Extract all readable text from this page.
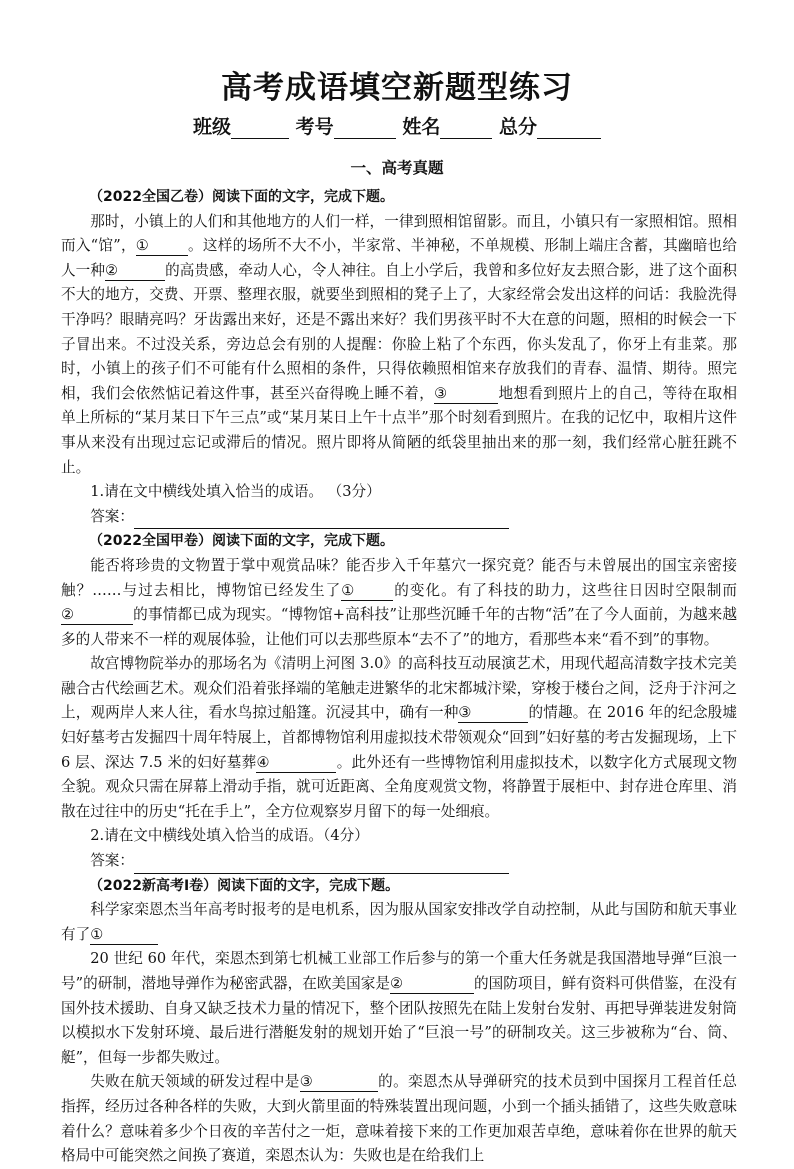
高考成语填空新题型练习
班级	考号	姓名	总分
一、高考真题

（2022全国乙卷）阅读下面的文字，完成下题。

那时，小镇上的人们和其他地方的人们一样，一律到照相馆留影。而且，小镇只有一家照相馆。照相而入“馆”，①	。这样的场所不大不小，半家常、半神秘，不单规模、形制上端庄含蓄，其幽暗也给人一种②	的高贵感，牵动人心，令人神往。自上小学后，我曾和多位好友去照合影，进了这个面积不大的地方，交费、开票、整理衣服，就要坐到照相的凳子上了，大家经常会发出这样的问话：我脸洗得干净吗？眼睛亮吗？牙齿露出来好，还是不露出来好？我们男孩平时不大在意的问题，照相的时候会一下子冒出来。不过没关系，旁边总会有别的人提醒：你脸上粘了个东西，你头发乱了，你牙上有韭菜。那时，小镇上的孩子们不可能有什么照相的条件，只得依赖照相馆来存放我们的青春、温情、期待。照完相，我们会依然惦记着这件事，甚至兴奋得晚上睡不着，③	地想看到照片上的自己，等待在取相单上所标的“某月某日下午三点”或“某月某日上午十点半”那个时刻看到照片。在我的记忆中，取相片这件事从来没有出现过忘记或滞后的情况。照片即将从简陋的纸袋里抽出来的那一刻，我们经常心脏狂跳不止。

1.请在文中横线处填入恰当的成语。 （3分）

答案：

（2022全国甲卷）阅读下面的文字，完成下题。

能否将珍贵的文物置于掌中观赏品味？能否步入千年墓穴一探究竟？能否与未曾展出的国宝亲密接触？……与过去相比，博物馆已经发生了①	的变化。有了科技的助力，这些往日因时空限制而②	的事情都已成为现实。“博物馆+高科技”让那些沉睡千年的古物“活”在了今人面前，为越来越多的人带来不一样的观展体验，让他们可以去那些原本“去不了”的地方，看那些本来“看不到”的事物。

故宫博物院举办的那场名为《清明上河图 3.0》的高科技互动展演艺术，用现代超高清数字技术完美融合古代绘画艺术。观众们沿着张择端的笔触走进繁华的北宋都城汴梁，穿梭于楼台之间，泛舟于汴河之上，观两岸人来人往，看水鸟掠过船篷。沉浸其中，确有一种③	的情趣。在 2016 年的纪念殷墟妇好墓考古发掘四十周年特展上，首都博物馆利用虚拟技术带领观众“回到”妇好墓的考古发掘现场，上下 6 层、深达 7.5 米的妇好墓葬④	。此外还有一些博物馆利用虚拟技术，以数字化方式展现文物全貌。观众只需在屏幕上滑动手指，就可近距离、全角度观赏文物，将静置于展柜中、封存进仓库里、消散在过往中的历史“托在手上”，全方位观察岁月留下的每一处细痕。

2.请在文中横线处填入恰当的成语。（4分）

答案：

（2022新高考Ⅰ卷）阅读下面的文字，完成下题。

科学家栾恩杰当年高考时报考的是电机系，因为服从国家安排改学自动控制，从此与国防和航天事业有了①

20 世纪 60 年代，栾恩杰到第七机械工业部工作后参与的第一个重大任务就是我国潜地导弹“巨浪一号”的研制，潜地导弹作为秘密武器，在欧美国家是②	的国防项目，鲜有资料可供借鉴，在没有国外技术援助、自身又缺乏技术力量的情况下，整个团队按照先在陆上发射台发射、再把导弹装进发射筒以模拟水下发射环境、最后进行潜艇发射的规划开始了“巨浪一号”的研制攻关。这三步被称为“台、筒、艇”，但每一步都失败过。

失败在航天领域的研发过程中是③	的。栾恩杰从导弹研究的技术员到中国探月工程首任总指挥，经历过各种各样的失败，大到火箭里面的特殊装置出现问题，小到一个插头插错了，这些失败意味着什么？意味着多少个日夜的辛苦付之一炬，意味着接下来的工作更加艰苦卓绝，意味着你在世界的航天格局中可能突然之间换了赛道，栾恩杰认为：失败也是在给我们上
